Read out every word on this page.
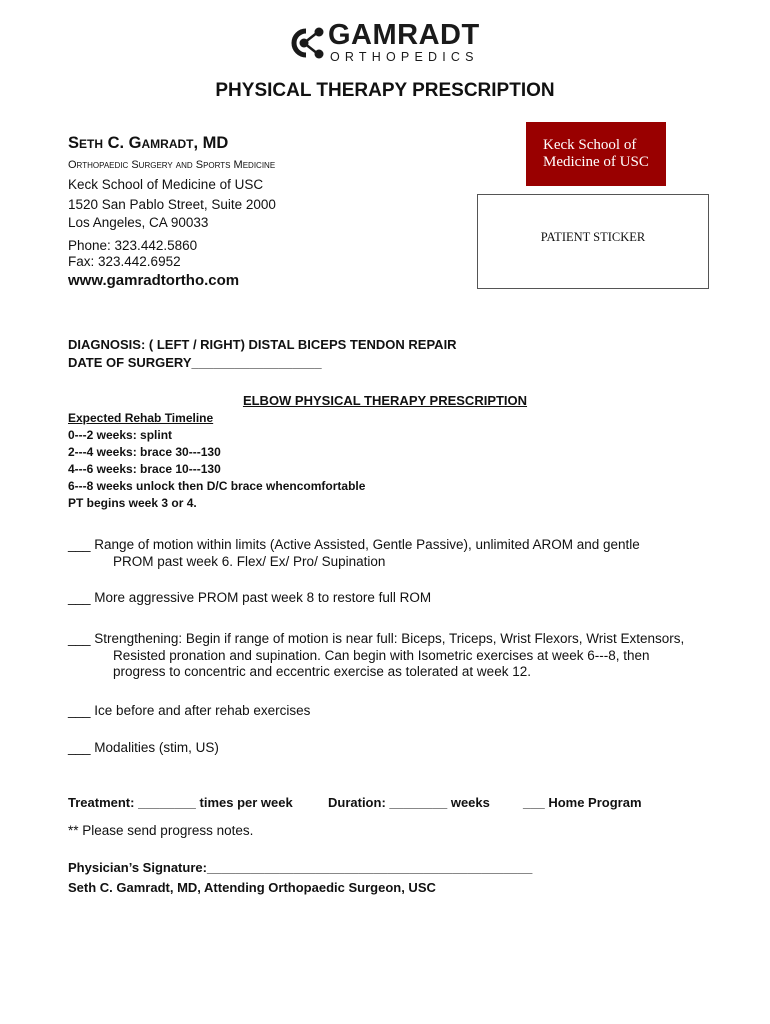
GAMRADT
ORTHOPEDICS
PHYSICAL THERAPY PRESCRIPTION
Seth C. Gamradt, MD
Orthopaedic Surgery and Sports Medicine
Keck School of Medicine of USC
1520 San Pablo Street, Suite 2000
Los Angeles, CA 90033
Phone: 323.442.5860
Fax: 323.442.6952
www.gamradtortho.com
Keck School of
Medicine of USC
PATIENT STICKER
DIAGNOSIS: ( LEFT / RIGHT) DISTAL BICEPS TENDON REPAIR
DATE OF SURGERY__________________
ELBOW PHYSICAL THERAPY PRESCRIPTION
Expected Rehab Timeline
0---2 weeks: splint
2---4 weeks: brace 30---130
4---6 weeks: brace 10---130
6---8 weeks unlock then D/C brace whencomfortable
PT begins week 3 or 4.
___ Range of motion within limits (Active Assisted, Gentle Passive), unlimited AROM and gentle
PROM past week 6. Flex/ Ex/ Pro/ Supination
___ More aggressive PROM past week 8 to restore full ROM
___ Strengthening: Begin if range of motion is near full: Biceps, Triceps, Wrist Flexors, Wrist Extensors,
Resisted pronation and supination. Can begin with Isometric exercises at week 6---8, then
progress to concentric and eccentric exercise as tolerated at week 12.
___ Ice before and after rehab exercises
___ Modalities (stim, US)
Treatment: ________ times per week	Duration: ________ weeks	___ Home Program
** Please send progress notes.
Physician’s Signature:_____________________________________________
Seth C. Gamradt, MD, Attending Orthopaedic Surgeon, USC
